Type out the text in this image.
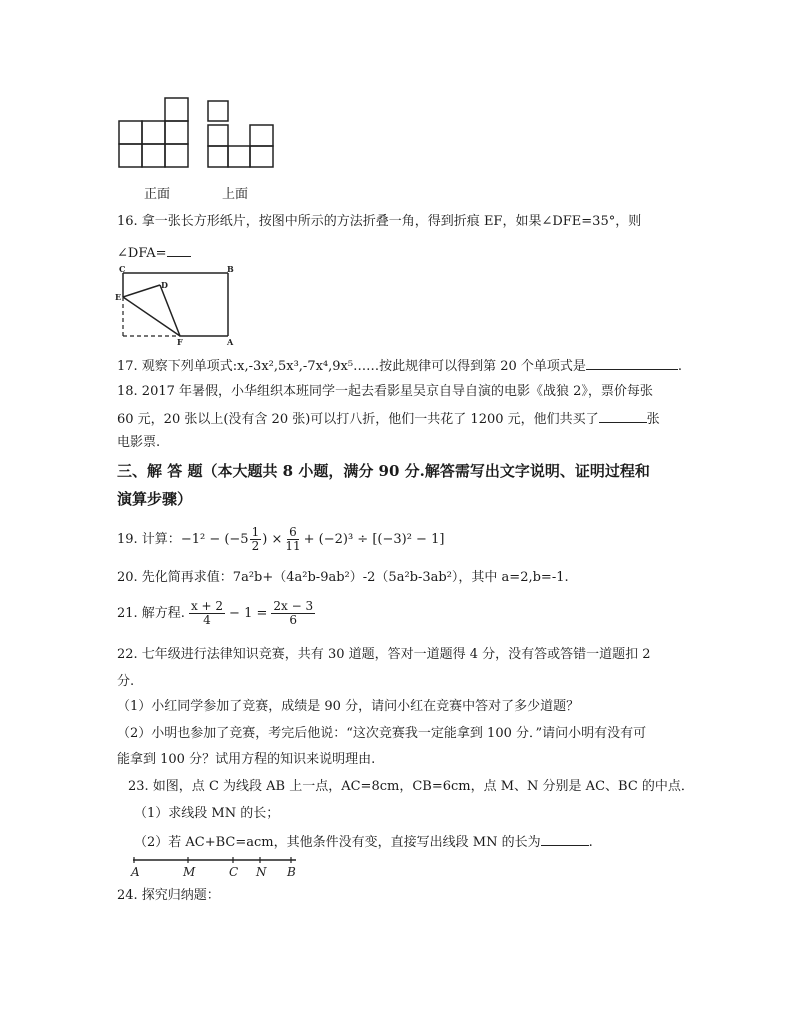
正面	上面
16. 拿一张长方形纸片，按图中所示的方法折叠一角，得到折痕 EF，如果∠DFE=35°，则
∠DFA=
C	B
D
E
F	A
17. 观察下列单项式:x,-3x²,5x³,-7x⁴,9x⁵……按此规律可以得到第 20 个单项式是	.
18. 2017 年暑假，小华组织本班同学一起去看影星吴京自导自演的电影《战狼 2》，票价每张
60 元，20 张以上(没有含 20 张)可以打八折，他们一共花了 1200 元，他们共买了	张
电影票.
三、解 答 题（本大题共 8 小题，满分 90 分.解答需写出文字说明、证明过程和
演算步骤）
19. 计算： $-1^2 - (-5 \frac{1}{2}$ ) × $\frac{6}{11} + (-2)^3 \div [(-3)^2 - 1]$
20. 先化简再求值：7a²b+（4a²b-9ab²）-2（5a²b-3ab²），其中 a=2,b=-1.
21. 解方程. $\frac{x + 2}{4} - 1 = \frac{2x - 3}{6}$
22. 七年级进行法律知识竞赛，共有 30 道题，答对一道题得 4 分，没有答或答错一道题扣 2
分.
（1）小红同学参加了竞赛，成绩是 90 分，请问小红在竞赛中答对了多少道题？
（2）小明也参加了竞赛，考完后他说：“这次竞赛我一定能拿到 100 分．”请问小明有没有可
能拿到 100 分？试用方程的知识来说明理由.
23. 如图，点 C 为线段 AB 上一点，AC=8cm，CB=6cm，点 M、N 分别是 AC、BC 的中点．
（1）求线段 MN 的长；
（2）若 AC+BC=acm，其他条件没有变，直接写出线段 MN 的长为	.
A	M	C N B
24. 探究归纳题：
